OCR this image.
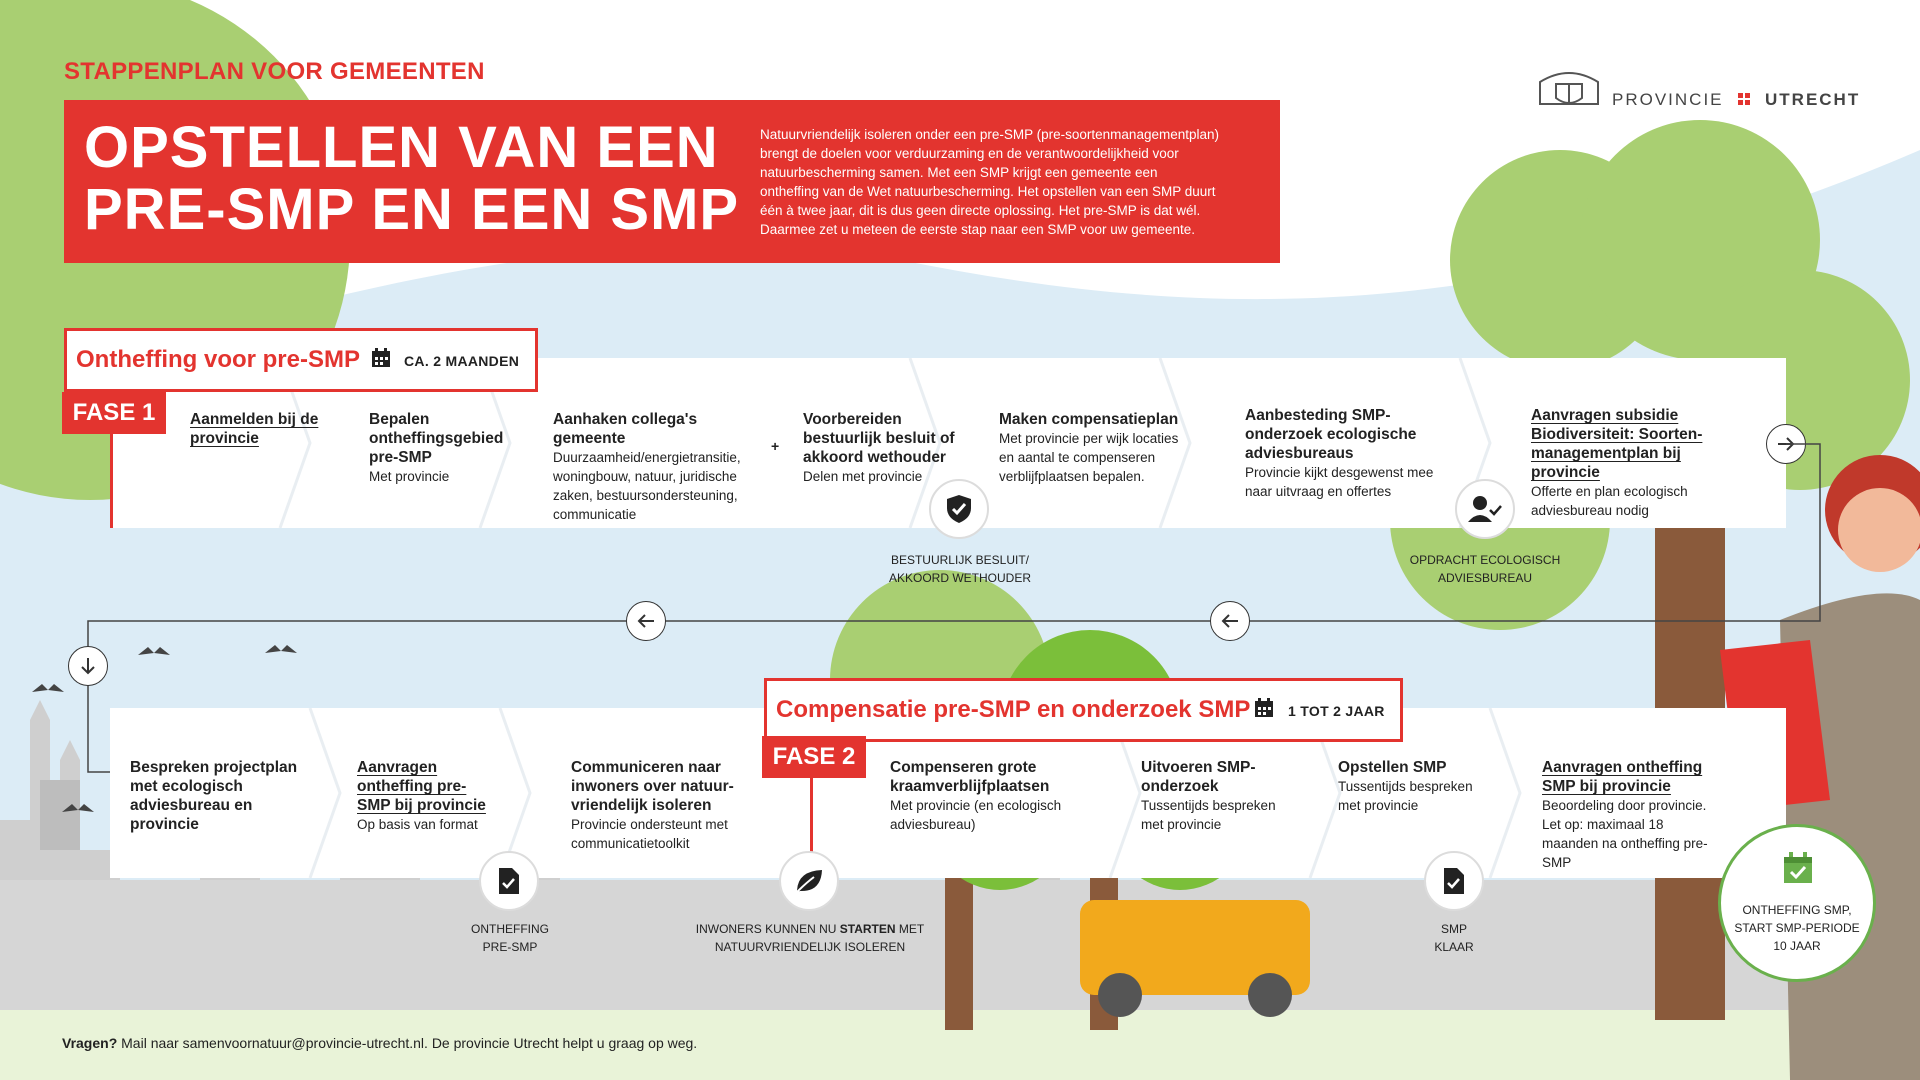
STAPPENPLAN VOOR GEMEENTEN
OPSTELLEN VAN EEN
PRE-SMP EN EEN SMP
Natuurvriendelijk isoleren onder een pre-SMP (pre-soortenmanagementplan) brengt de doelen voor verduurzaming en de verantwoordelijkheid voor natuurbescherming samen. Met een SMP krijgt een gemeente een ontheffing van de Wet natuurbescherming. Het opstellen van een SMP duurt één à twee jaar, dit is dus geen directe oplossing. Het pre-SMP is dat wél. Daarmee zet u meteen de eerste stap naar een SMP voor uw gemeente.
PROVINCIE UTRECHT
Ontheffing voor pre-SMP	CA. 2 MAANDEN
FASE 1	Aanmelden bij de provincie
Bepalen ontheffingsgebied pre-SMP
Met provincie
Aanhaken collega's gemeente
Duurzaamheid/energietransitie, woningbouw, natuur, juridische zaken, bestuursondersteuning, communicatie
+
Voorbereiden bestuurlijk besluit of akkoord wethouder
Delen met provincie
Maken compensatieplan
Met provincie per wijk locaties en aantal te compenseren verblijfplaatsen bepalen.
Aanbesteding SMP-onderzoek ecologische adviesbureaus
Provincie kijkt desgewenst mee naar uitvraag en offertes
Aanvragen subsidie Biodiversiteit: Soorten-managementplan bij provincie
Offerte en plan ecologisch adviesbureau nodig
BESTUURLIJK BESLUIT/
AKKOORD WETHOUDER
OPDRACHT ECOLOGISCH
ADVIESBUREAU
Compensatie pre-SMP en onderzoek SMP	1 TOT 2 JAAR
FASE 2
Bespreken projectplan met ecologisch adviesbureau en provincie
Aanvragen ontheffing pre-SMP bij provincie
Op basis van format
Communiceren naar inwoners over natuur-vriendelijk isoleren
Provincie ondersteunt met communicatietoolkit
Compenseren grote kraamverblijfplaatsen
Met provincie (en ecologisch adviesbureau)
Uitvoeren SMP-onderzoek
Tussentijds bespreken met provincie
Opstellen SMP
Tussentijds bespreken met provincie
Aanvragen ontheffing SMP bij provincie
Beoordeling door provincie. Let op: maximaal 18 maanden na ontheffing pre-SMP
ONTHEFFING
PRE-SMP
INWONERS KUNNEN NU STARTEN MET
NATUURVRIENDELIJK ISOLEREN
SMP
KLAAR
ONTHEFFING SMP,
START SMP-PERIODE
10 JAAR
Vragen? Mail naar samenvoornatuur@provincie-utrecht.nl. De provincie Utrecht helpt u graag op weg.
